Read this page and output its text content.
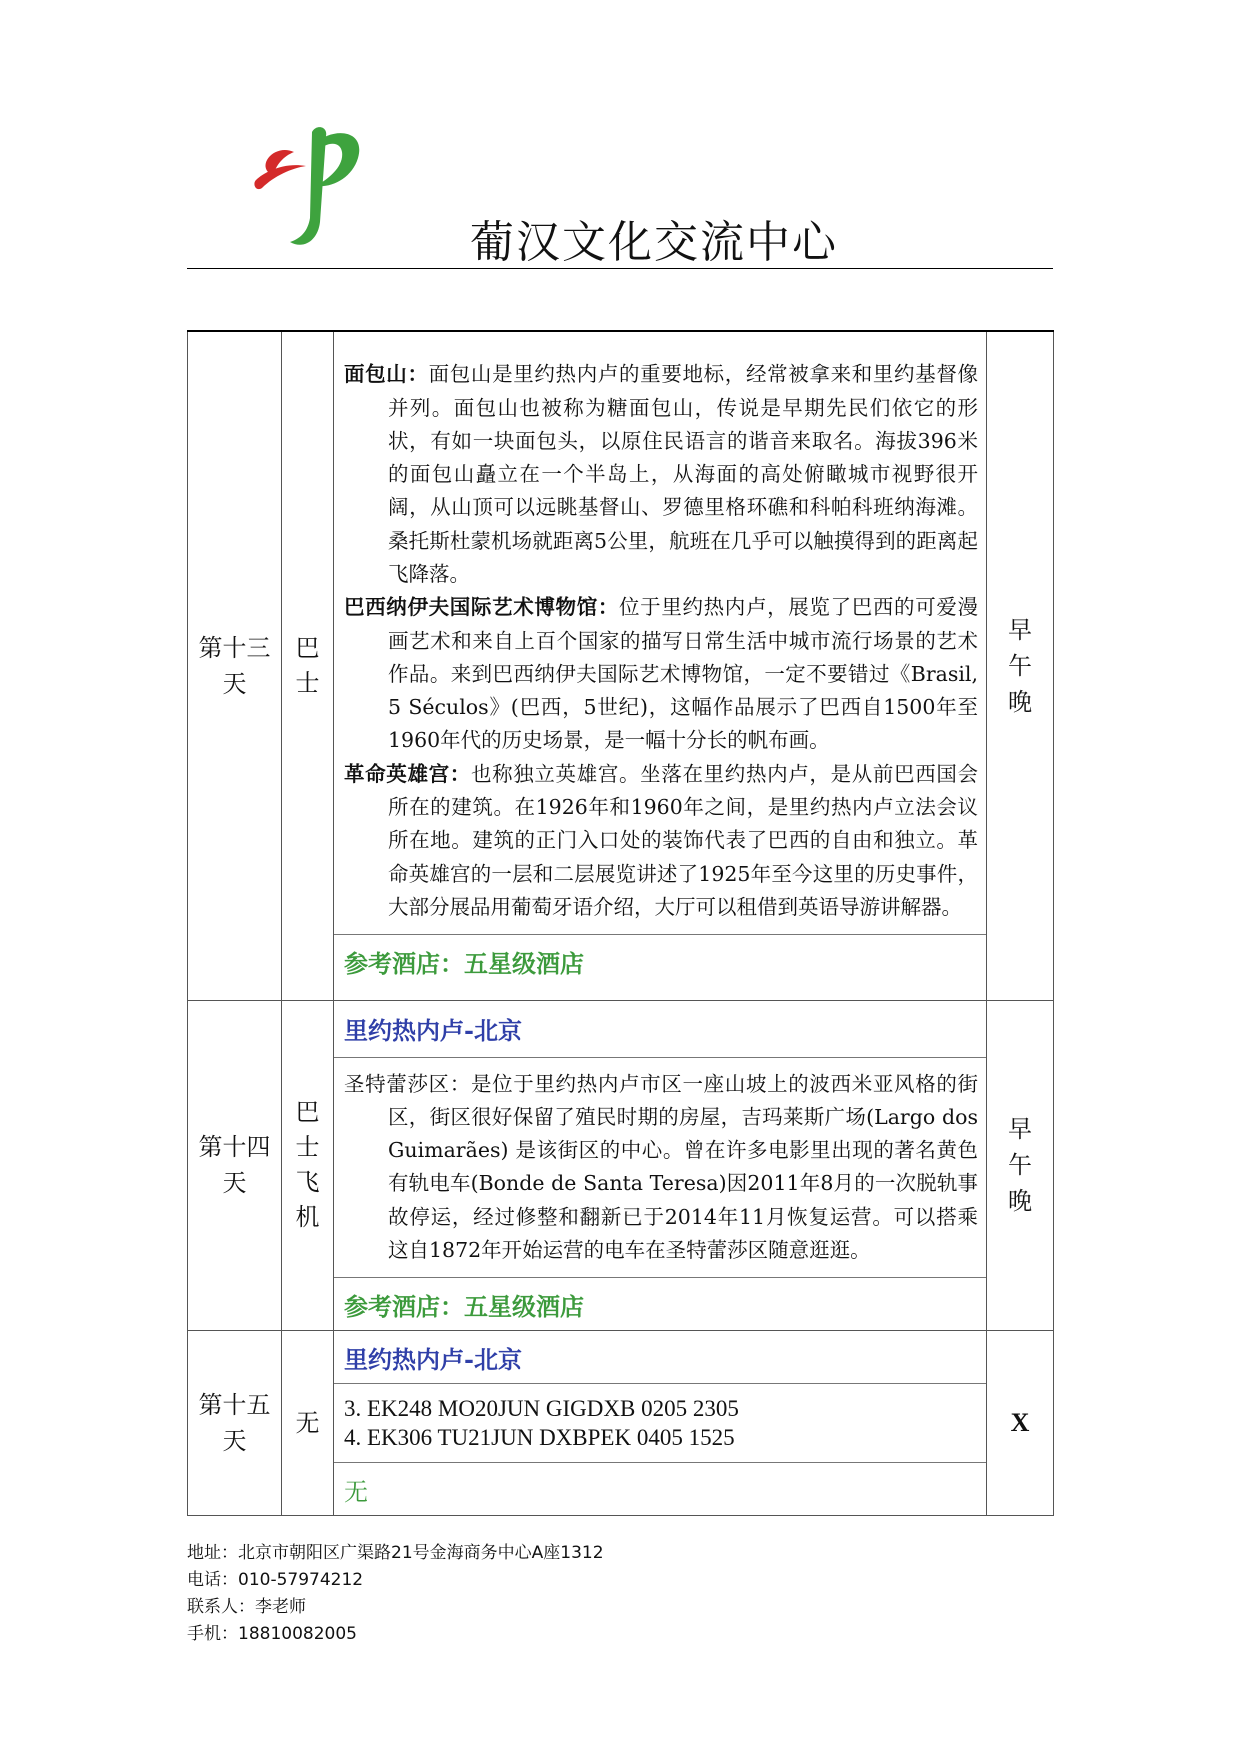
葡汉文化交流中心
第十三天	巴士	

面包山：面包山是里约热内卢的重要地标，经常被拿来和里约基督像并列。面包山也被称为糖面包山，传说是早期先民们依它的形状，有如一块面包头，以原住民语言的谐音来取名。海拔396米的面包山矗立在一个半岛上，从海面的高处俯瞰城市视野很开阔，从山顶可以远眺基督山、罗德里格环礁和科帕科班纳海滩。桑托斯杜蒙机场就距离5公里，航班在几乎可以触摸得到的距离起飞降落。

巴西纳伊夫国际艺术博物馆：位于里约热内卢，展览了巴西的可爱漫画艺术和来自上百个国家的描写日常生活中城市流行场景的艺术作品。来到巴西纳伊夫国际艺术博物馆，一定不要错过《Brasil, 5 Séculos》(巴西，5世纪)，这幅作品展示了巴西自1500年至1960年代的历史场景，是一幅十分长的帆布画。

革命英雄宫：也称独立英雄宫。坐落在里约热内卢，是从前巴西国会所在的建筑。在1926年和1960年之间，是里约热内卢立法会议所在地。建筑的正门入口处的装饰代表了巴西的自由和独立。革命英雄宫的一层和二层展览讲述了1925年至今这里的历史事件，大部分展品用葡萄牙语介绍，大厅可以租借到英语导游讲解器。

参考酒店：五星级酒店
	早午晚
第十四天	巴士飞机	
里约热内卢-北京

圣特蕾莎区：是位于里约热内卢市区一座山坡上的波西米亚风格的街区，街区很好保留了殖民时期的房屋，吉玛莱斯广场(Largo dos Guimarães) 是该街区的中心。曾在许多电影里出现的著名黄色有轨电车(Bonde de Santa Teresa)因2011年8月的一次脱轨事故停运，经过修整和翻新已于2014年11月恢复运营。可以搭乘这自1872年开始运营的电车在圣特蕾莎区随意逛逛。

参考酒店：五星级酒店
	早午晚
第十五天	无	
里约热内卢-北京

3. EK248 MO20JUN GIGDXB 0205 2305
4. EK306 TU21JUN DXBPEK 0405 1525

无
	X
地址：北京市朝阳区广渠路21号金海商务中心A座1312
电话：010-57974212
联系人：李老师
手机：18810082005
